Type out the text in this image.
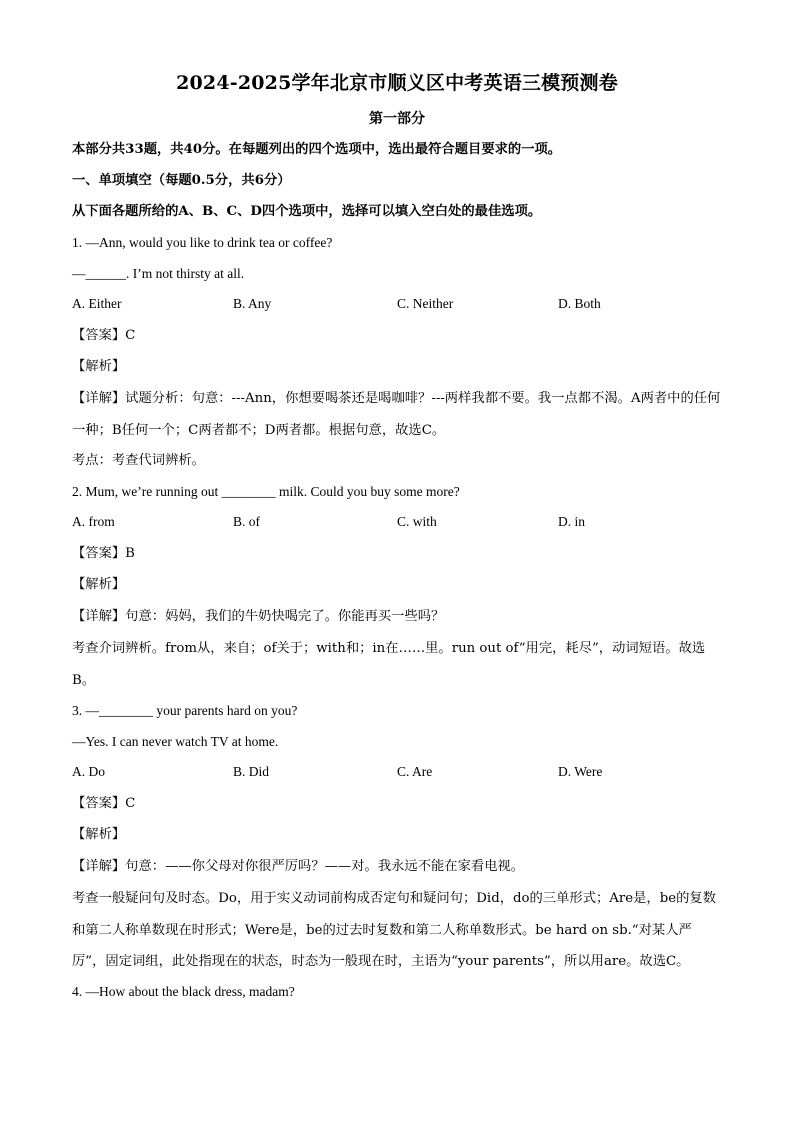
2024-2025学年北京市顺义区中考英语三模预测卷
第一部分
本部分共33题，共40分。在每题列出的四个选项中，选出最符合题目要求的一项。
一、单项填空（每题0.5分，共6分）
从下面各题所给的A、B、C、D四个选项中，选择可以填入空白处的最佳选项。
1. —Ann, would you like to drink tea or coffee?
—______. I’m not thirsty at all.
A. Either	B. Any	C. Neither	D. Both
【答案】C
【解析】
【详解】试题分析：句意：---Ann，你想要喝茶还是喝咖啡？---两样我都不要。我一点都不渴。A两者中的任何一种；B任何一个；C两者都不；D两者都。根据句意，故选C。
考点：考查代词辨析。
2. Mum, we’re running out ________ milk. Could you buy some more?
A. from	B. of	C. with	D. in
【答案】B
【解析】
【详解】句意：妈妈，我们的牛奶快喝完了。你能再买一些吗？
考查介词辨析。from从，来自；of关于；with和；in在……里。run out of“用完，耗尽”，动词短语。故选B。
3. —________ your parents hard on you?
—Yes. I can never watch TV at home.
A. Do	B. Did	C. Are	D. Were
【答案】C
【解析】
【详解】句意：——你父母对你很严厉吗？——对。我永远不能在家看电视。
考查一般疑问句及时态。Do，用于实义动词前构成否定句和疑问句；Did，do的三单形式；Are是，be的复数和第二人称单数现在时形式；Were是，be的过去时复数和第二人称单数形式。be hard on sb.“对某人严厉”，固定词组，此处指现在的状态，时态为一般现在时，主语为“your parents”，所以用are。故选C。
4. —How about the black dress, madam?
